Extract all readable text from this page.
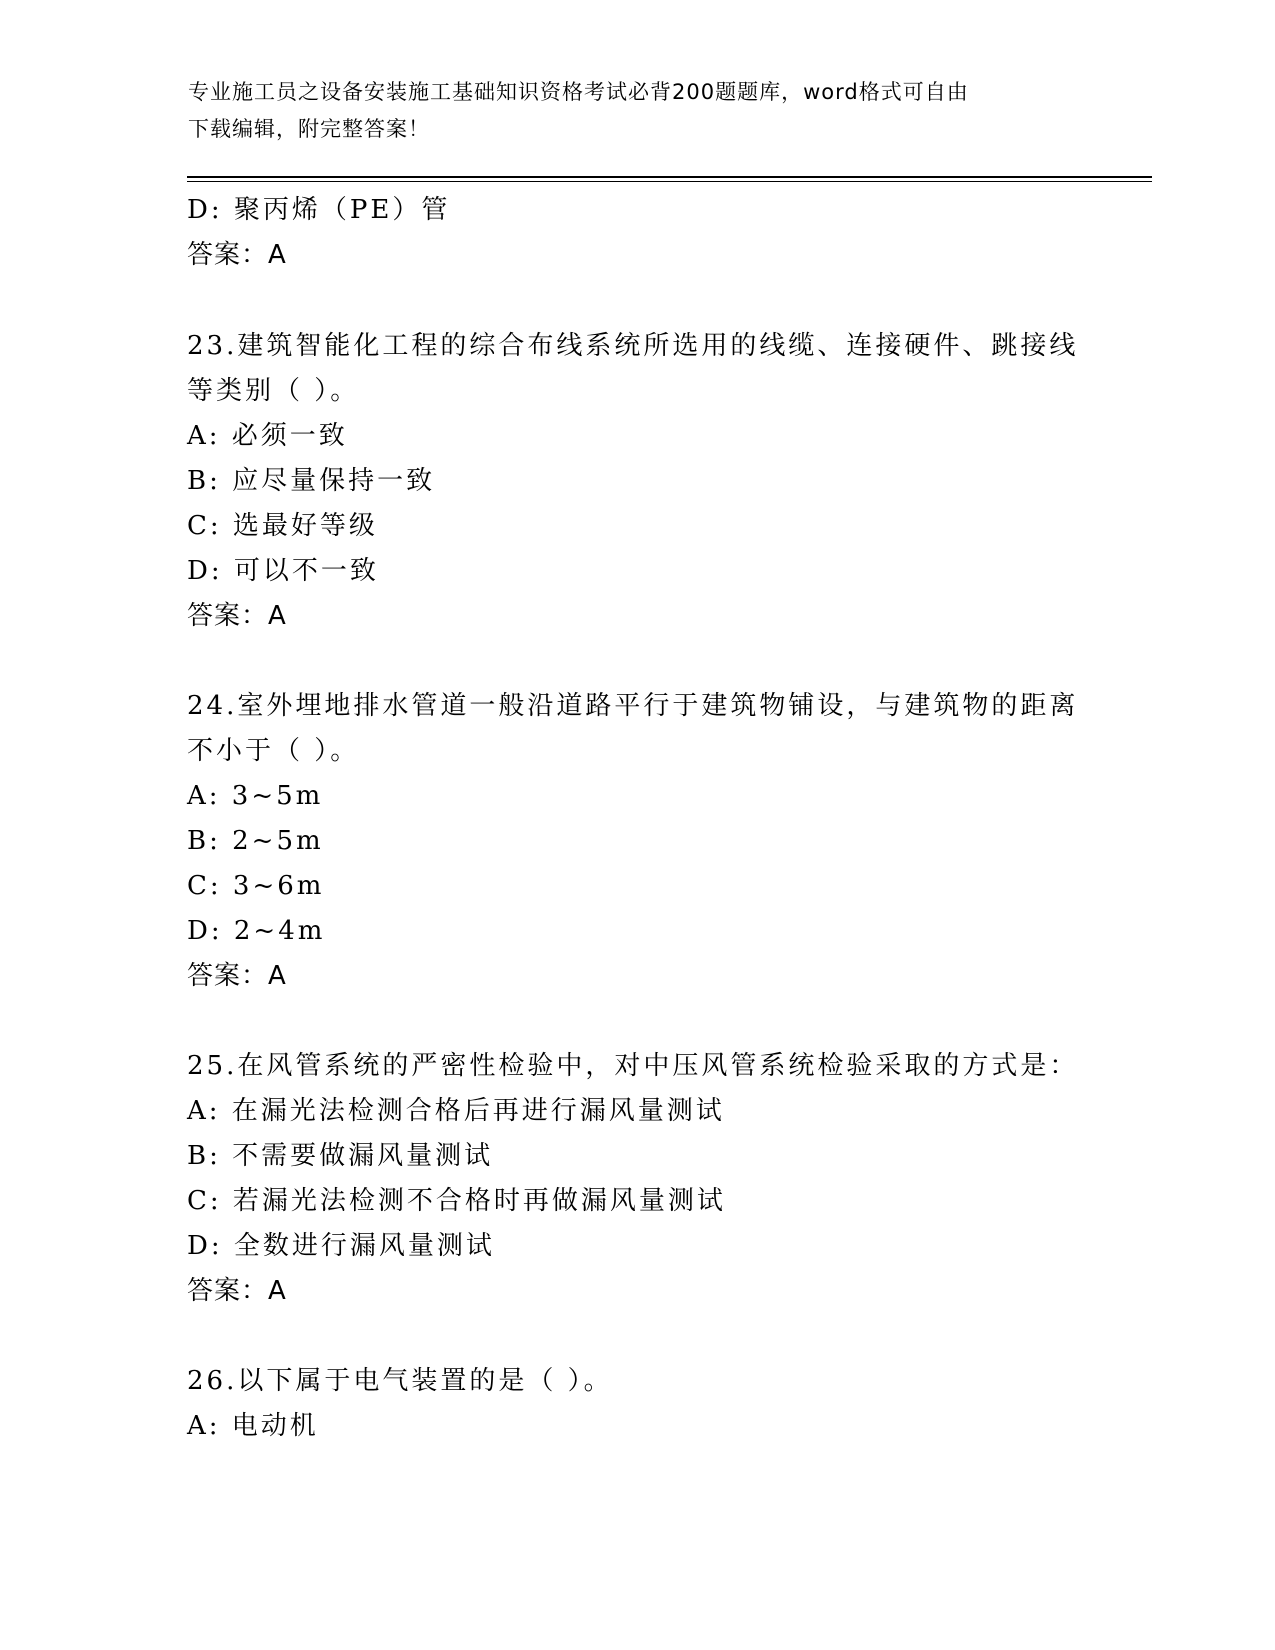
专业施工员之设备安装施工基础知识资格考试必背200题题库，word格式可自由
下载编辑，附完整答案！
D: 聚丙烯（PE）管
答案：A
23.建筑智能化工程的综合布线系统所选用的线缆、连接硬件、跳接线
等类别（ ）。
A: 必须一致
B: 应尽量保持一致
C: 选最好等级
D: 可以不一致
答案：A
24.室外埋地排水管道一般沿道路平行于建筑物铺设，与建筑物的距离
不小于（ ）。
A: 3~5m
B: 2~5m
C: 3~6m
D: 2~4m
答案：A
25.在风管系统的严密性检验中，对中压风管系统检验采取的方式是：
A: 在漏光法检测合格后再进行漏风量测试
B: 不需要做漏风量测试
C: 若漏光法检测不合格时再做漏风量测试
D: 全数进行漏风量测试
答案：A
26.以下属于电气装置的是（ ）。
A: 电动机
